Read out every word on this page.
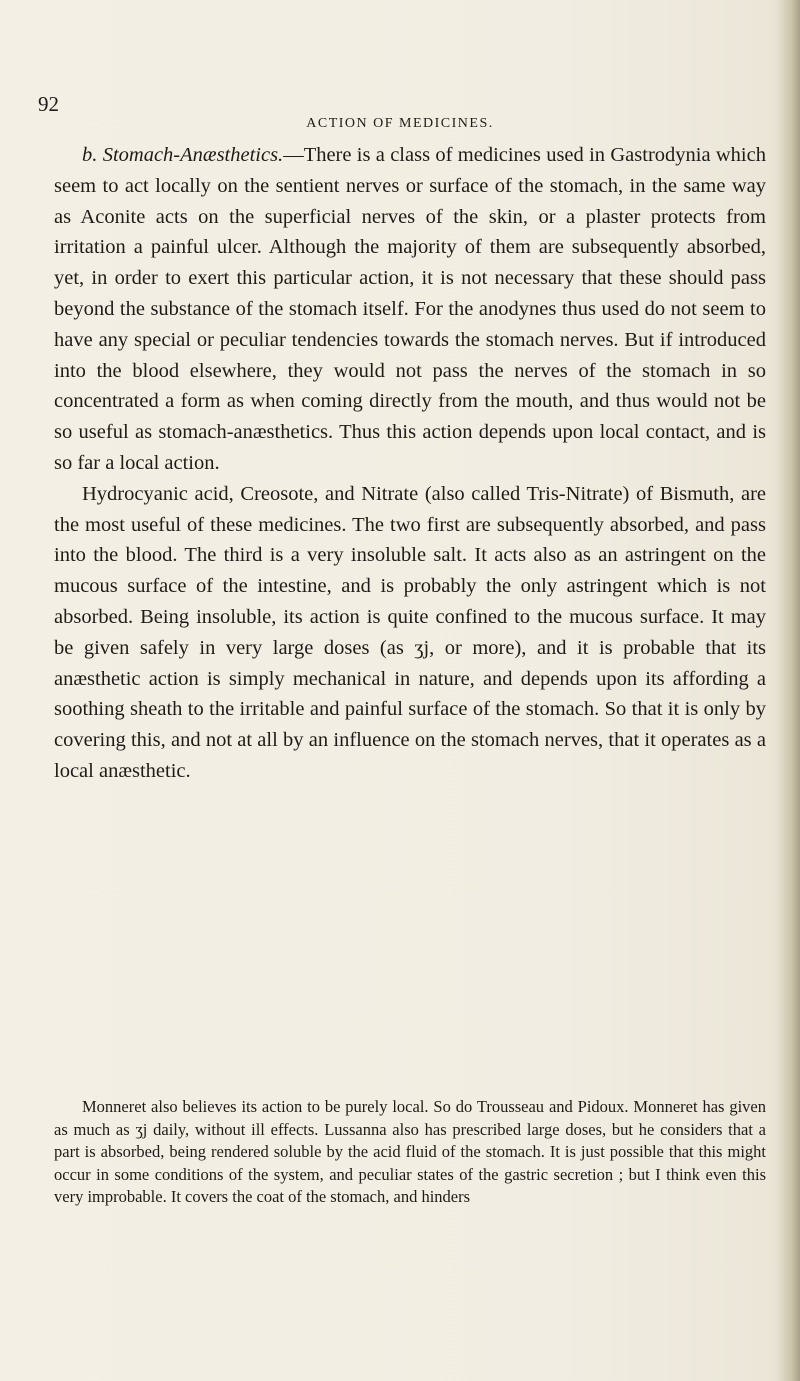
92
ACTION OF MEDICINES.

b. Stomach-Anæsthetics.—There is a class of medicines used in Gastrodynia which seem to act locally on the sentient nerves or surface of the stomach, in the same way as Aconite acts on the superficial nerves of the skin, or a plaster protects from irritation a painful ulcer. Although the majority of them are subsequently absorbed, yet, in order to exert this particular action, it is not necessary that these should pass beyond the substance of the stomach itself. For the anodynes thus used do not seem to have any special or peculiar tendencies towards the stomach nerves. But if introduced into the blood elsewhere, they would not pass the nerves of the stomach in so concentrated a form as when coming directly from the mouth, and thus would not be so useful as stomach-anæsthetics. Thus this action depends upon local contact, and is so far a local action.

Hydrocyanic acid, Creosote, and Nitrate (also called Tris-Nitrate) of Bismuth, are the most useful of these medicines. The two first are subsequently absorbed, and pass into the blood. The third is a very insoluble salt. It acts also as an astringent on the mucous surface of the intestine, and is probably the only astringent which is not absorbed. Being insoluble, its action is quite confined to the mucous surface. It may be given safely in very large doses (as ʒj, or more), and it is probable that its anæsthetic action is simply mechanical in nature, and depends upon its affording a soothing sheath to the irritable and painful surface of the stomach. So that it is only by covering this, and not at all by an influence on the stomach nerves, that it operates as a local anæsthetic.

Monneret also believes its action to be purely local. So do Trousseau and Pidoux. Monneret has given as much as ʒj daily, without ill effects. Lussanna also has prescribed large doses, but he considers that a part is absorbed, being rendered soluble by the acid fluid of the stomach. It is just possible that this might occur in some conditions of the system, and peculiar states of the gastric secretion ; but I think even this very improbable. It covers the coat of the stomach, and hinders
